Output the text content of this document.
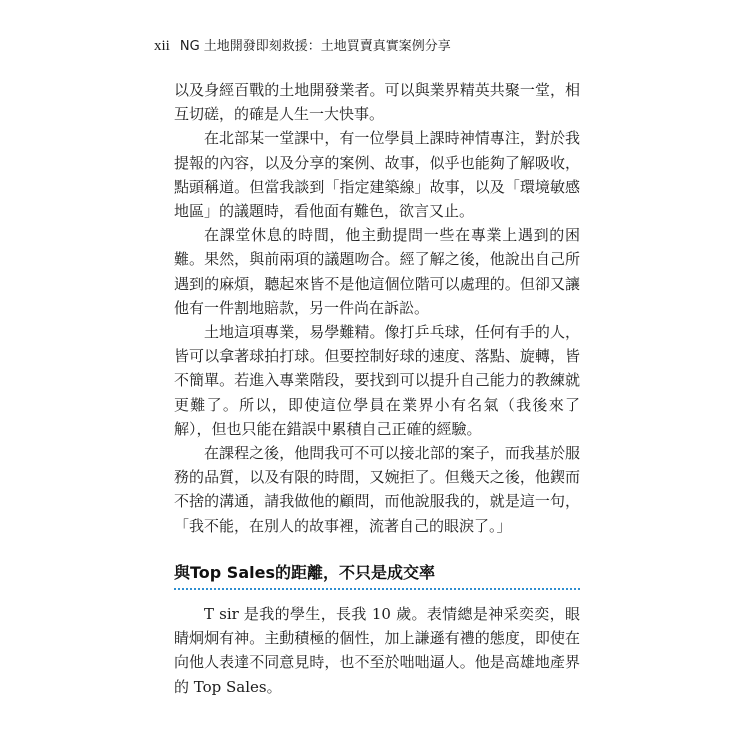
xii NG 土地開發即刻救援：土地買賣真實案例分享

以及身經百戰的土地開發業者。可以與業界精英共聚一堂，相互切磋，的確是人生一大快事。

在北部某一堂課中，有一位學員上課時神情專注，對於我提報的內容，以及分享的案例、故事，似乎也能夠了解吸收，點頭稱道。但當我談到「指定建築線」故事，以及「環境敏感地區」的議題時，看他面有難色，欲言又止。

在課堂休息的時間，他主動提問一些在專業上遇到的困難。果然，與前兩項的議題吻合。經了解之後，他說出自己所遇到的麻煩，聽起來皆不是他這個位階可以處理的。但卻又讓他有一件割地賠款，另一件尚在訴訟。

土地這項專業，易學難精。像打乒乓球，任何有手的人，皆可以拿著球拍打球。但要控制好球的速度、落點、旋轉，皆不簡單。若進入專業階段，要找到可以提升自己能力的教練就更難了。所以，即使這位學員在業界小有名氣（我後來了解），但也只能在錯誤中累積自己正確的經驗。

在課程之後，他問我可不可以接北部的案子，而我基於服務的品質，以及有限的時間，又婉拒了。但幾天之後，他鍥而不捨的溝通，請我做他的顧問，而他說服我的，就是這一句，「我不能，在別人的故事裡，流著自己的眼淚了。」

與Top Sales的距離，不只是成交率

T sir 是我的學生，長我 10 歲。表情總是神采奕奕，眼睛炯炯有神。主動積極的個性，加上謙遜有禮的態度，即使在向他人表達不同意見時，也不至於咄咄逼人。他是高雄地產界的 Top Sales。
